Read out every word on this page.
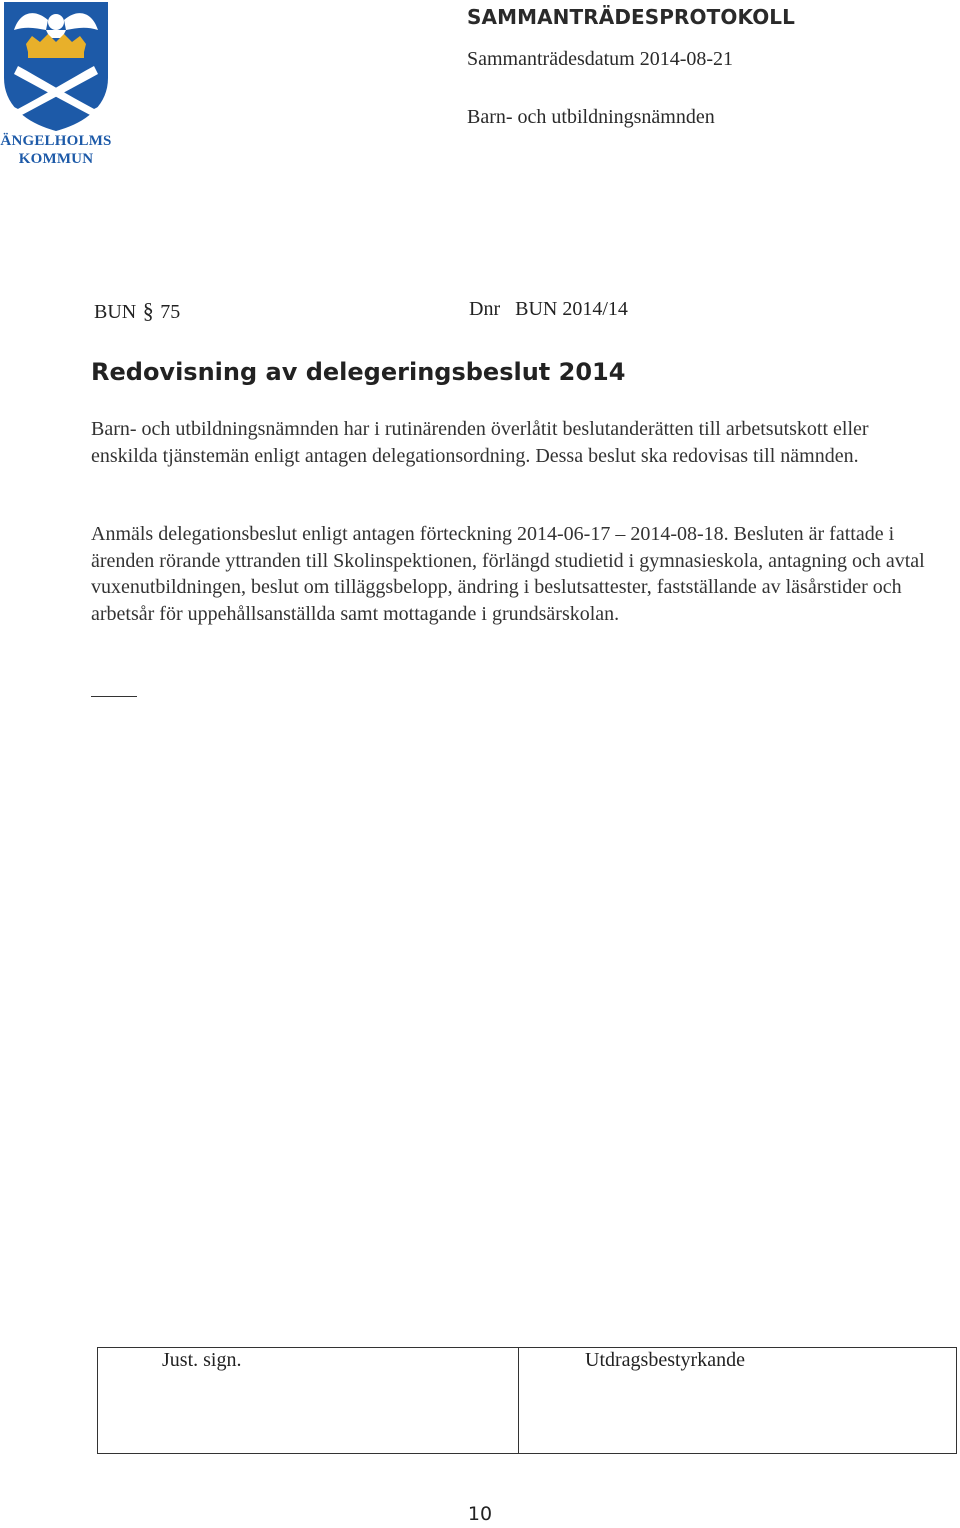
ÄNGELHOLMS
KOMMUN
SAMMANTRÄDESPROTOKOLL
Sammanträdesdatum 2014-08-21
Barn- och utbildningsnämnden
BUN § 75	Dnr BUN 2014/14
Redovisning av delegeringsbeslut 2014

Barn- och utbildningsnämnden har i rutinärenden överlåtit beslutanderätten till arbetsutskott eller enskilda tjänstemän enligt antagen delegationsordning. Dessa beslut ska redovisas till nämnden.

Anmäls delegationsbeslut enligt antagen förteckning 2014-06-17 – 2014-08-18. Besluten är fattade i ärenden rörande yttranden till Skolinspektionen, förlängd studietid i gymnasieskola, antagning och avtal vuxenutbildningen, beslut om tilläggsbelopp, ändring i beslutsattester, fastställande av läsårstider och arbetsår för uppehållsanställda samt mottagande i grundsärskolan.

Just. sign.	Utdragsbestyrkande
10
